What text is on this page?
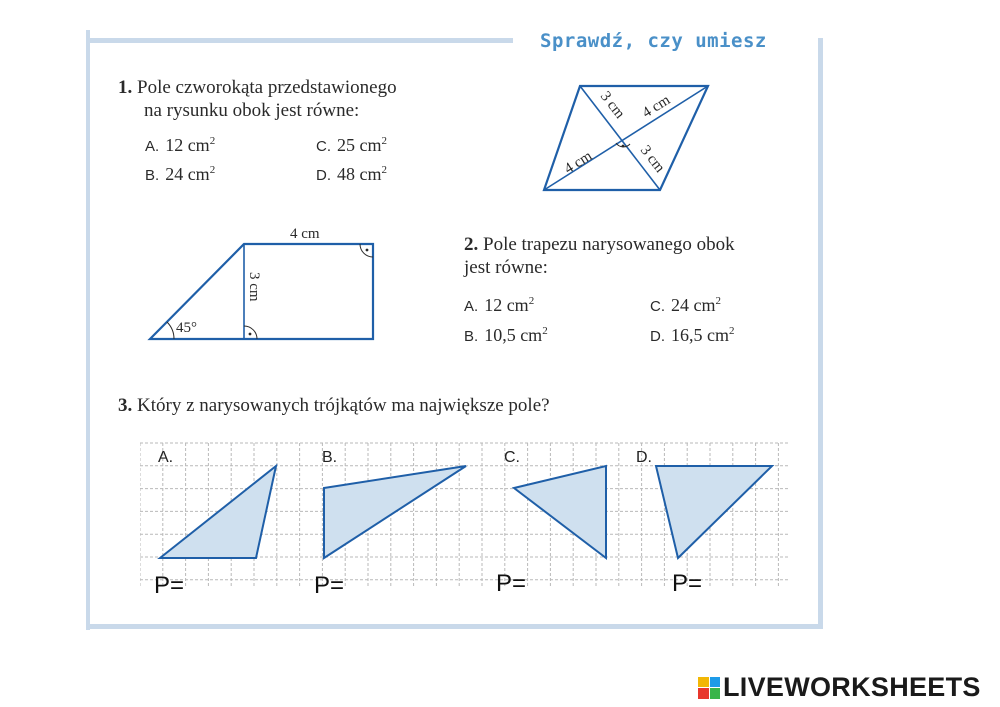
Sprawdź, czy umiesz
1. Pole czworokąta przedstawionego
na rysunku obok jest równe:
A. 12 $cm^2$	C. 25 $cm^2$
B. 24 $cm^2$	D. 48 $cm^2$
3 cm 4 cm
4 cm	3 cm
4 cm
3 cm
45°
2. Pole trapezu narysowanego obok
jest równe:
A. 12 $cm^2$	C. 24 $cm^2$
B. 10,5 $cm^2$	D. 16,5 $cm^2$
3. Który z narysowanych trójkątów ma największe pole?
A.	B.	C.	D.
P=	P=	P=	P=
LIVEWORKSHEETS
